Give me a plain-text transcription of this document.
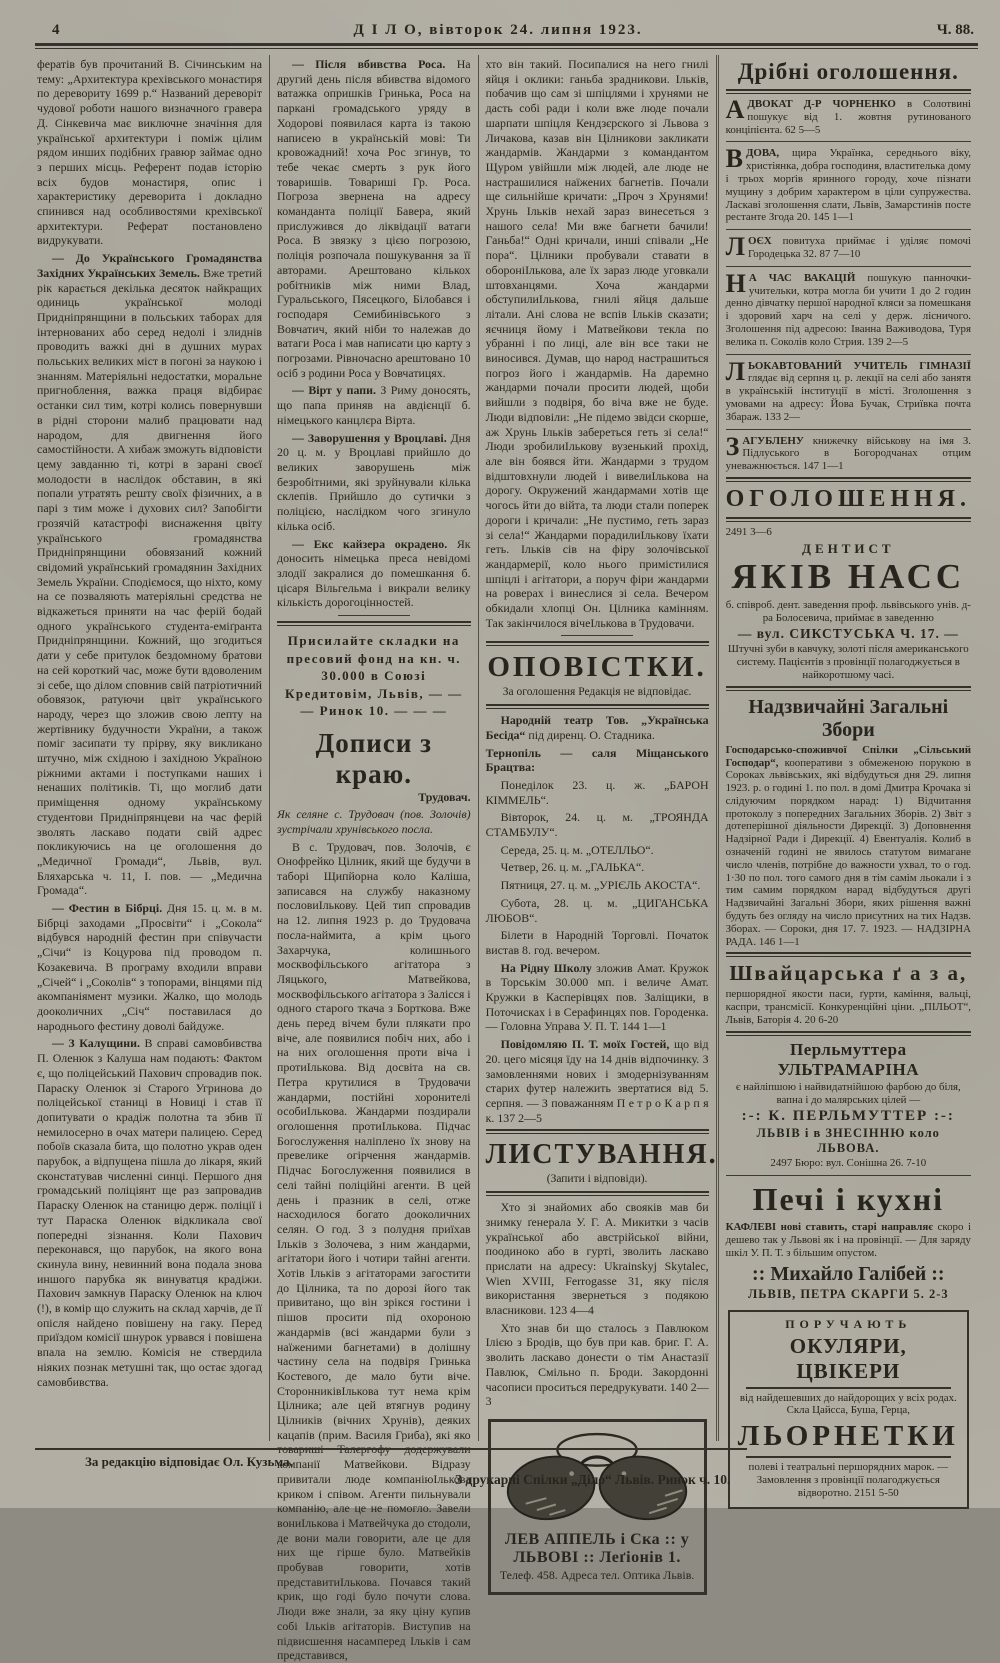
4	Д І Л О, вівторок 24. липня 1923.	Ч. 88.

фератів був прочитаний В. Січинським на тему: „Архитектура крехівського монастиря по дереворитy 1699 р.“ Названий дереворіт чудової роботи нашого визначного гравера Д. Сінкевича має виключне значіння для української архитектури і поміж цілим рядом инших подібних ґравюр займає одно з перших місць. Референт подав історію всіх будов монастиря, опис і характеристику дереворита і докладно спинився над особливостями крехівської архитектури. Реферат постановлено видрукувати.

— До Українського Громадянства Західних Українських Земель. Вже третий рік карається декілька десяток найкращих одиниць української молоді Придніпрянщини в польських таборах для інтернованих або серед недолі і злиднів проводить важкі дні в душних мурах польських великих міст в погоні за наукою і знанням. Матеріяльні недостатки, моральне пригноблення, важка праця відбирає останки сил тим, котрі колись повернувши в рідні сторони малиб працювати над народом, для двигнення його самостійности. А хибаж зможуть відповісти цему завданню ті, котрі в зарані своєї молодости в наслідок обставин, в які попали утратять решту своїх фізичних, а в парі з тим може і духових сил? Запобігти грозячій катастрофі виснаження цвіту українського громадянства Придніпрянщини обовязаний кожний свідомий український громадянин Західних Земель України. Сподіємося, що ніхто, кому на се позваляють матеріяльні средства не відкажеться приняти на час ферій бодай одного українського студента-еміґранта Придніпрянщини. Кожний, що згодиться дати у себе притулок бездомному братови на сей короткий час, може бути вдоволеним зі себе, що ділом сповнив свій патріотичний обовязок, ратуючи цвіт українського народу, через що зложив свою лепту на жертівнику будучности України, а також поміг засипати ту прірву, яку викликано штучно, між східною і західною Україною ріжними актами і поступками наших і ненаших політиків. Ті, що моглиб дати приміщення одному українському студентови Придніпрянцеви на час ферій зволять ласкаво подати свій адрес покликуючись на це оголошення до „Медичної Громади“, Львів, вул. Бляхарська ч. 11, І. пов. — „Медична Громада“.

— Фестин в Бібрці. Дня 15. ц. м. в м. Бібрці заходами „Просвіти“ і „Сокола“ відбувся народній фестин при співучасти „Січи“ із Коцурова під проводом п. Козакевича. В програму входили вправи „Січей“ і „Соколів“ з топорами, вінцями під акомпаніямент музики. Жалко, що молодь дооколичних „Січ“ поставилася до народнього фестину доволі байдуже.

— З Калущини. В справі самовбивства П. Оленюк з Калуша нам подають: Фактом є, що поліцейський Пахович спровадив пок. Параску Оленюк зі Старого Угринова до поліцейської станиці в Новиці і став її допитувати о крадіж полотна та збив її немилосерно в очах матери палицею. Серед побоїв сказала бита, що полотно украв оден парубок, а відпущена пішла до лікаря, який сконстатував численні синці. Першого дня громадський поліціянт ще раз запровадив Параску Оленюк на станицю держ. поліції і тут Параска Оленюк відкликала свої попередні зізнання. Коли Пахович переконався, що парубок, на якого вона скинула вину, невинний вона подала знова иншого парубка як винуватця крадіжи. Пахович замкнув Параску Оленюк на ключ (!), в комір що служить на склад харчів, де її опісля найдено повішену на гаку. Перед приїздом комісії шнурок урвався і повішена впала на землю. Комісія не ствердила ніяких познак метушні так, що остає здогад самовбивства.

— Після вбивства Роса. На другий день після вбивства відомого ватажка опришків Гринька, Роса на паркані громадського уряду в Ходорові появилася карта із такою написею в українській мові: Ти кровожадний! хоча Рос згинув, то тебе чекає смерть з рук його товаришів. Товариші Гр. Роса. Погроза звернена на адресу команданта поліції Бавера, який прислужився до ліквідації ватаги Роса. В звязку з цією погрозою, поліція розпочала пошукування за її авторами. Арештовано кількох робітників між ними Влад, Гуральського, Пясецкого, Білобався і господаря Семибинівського з Вовчатич, який ніби то належав до ватаги Роса і мав написати цю карту з погрозами. Рівночасно арештовано 10 осіб з родини Роса у Вовчатицях.

— Вірт у папи. З Риму доносять, що папа приняв на авдієнції б. німецького канцлєра Вірта.

— Заворушення у Вроцлаві. Дня 20 ц. м. у Вроцлаві прийшло до великих заворушень між безробітними, які зруйнували кілька склепів. Прийшло до сутички з поліцією, наслідком чого згинуло кілька осіб.

— Екс кайзера окрадено. Як доносить німецька преса невідомі злодії закралися до помешкання б. цісаря Вільгельма і викрали велику кількість дорогоцінностей.

Присилайте складки на пресовий фонд на кн. ч. 30.000 в Союзі Кредитовім, Львів, — — — Ринок 10. — — —

Дописи з краю.

Трудовач.

Як селяне с. Трудовач (пов. Золочів) зустрічали хрунівського посла.

В с. Трудовач, пов. Золочів, є Онофрейко Цілник, який ще будучи в таборі Щипйорна коло Каліша, записався на службу наказному пословиІлькову. Цей тип спровадив на 12. липня 1923 р. до Трудовача посла-наймита, а крім цього Захарчука, колишнього москвофільського агітатора з Ляцького, Матвейкова, москвофільського агітатора з Залісся і одного старого ткача з Борткова. Вже день перед вічем були плякати про віче, але появилися побіч них, або і на них оголошення проти віча і протиІлькова. Від досвіта на св. Петра крутилися в Трудовачи жандарми, постійні хоронителі особиІлькова. Жандарми поздирали оголошення протиІлькова. Підчас Богослуження наліплено їх знову на превелике огірчення жандармів. Підчас Богослуження появилися в селі тайні поліційні агенти. В цей день і празник в селі, отже насходилося богато дооколичних селян. О год. 3 з полудня приїхав Ільків з Золочева, з ним жандарми, агітатори його і чотири тайні агенти. Хотів Ільків з агітаторами загостити до Цілника, та по дорозі його так привитано, що він зрікся гостини і пішов просити під охороною жандармів (всі жандарми були з наїженими багнетами) в долішну частину села на подвіря Гринька Костевого, де мало бути віче. СторонниківІлькова тут нема крім Цілника; але цей втягнув родину Цілників (вічних Хрунів), деяких кацапів (прим. Василя Гриба), які яко товариші Талєргофу додержували компанії Матвейкови. Відразу привитали люде компаніюІлькова криком і співом. Агенти пильнували компанію, але це не помогло. Завели вониІлькова і Матвейчука до стодоли, де вони мали говорити, але це для них ще гірше було. Матвейків пробував говорити, хотів представитиІлькова. Почався такий крик, що годі було почути слова. Люди вже знали, за яку ціну купив собі Ільків агітаторів. Виступив на підвисшення насамперед Ільків і сам представився,

хто він такий. Посипалися на него гнилі яйця і оклики: ганьба зрадникови. Ільків, побачив що сам зі шпіцлями і хрунями не дасть собі ради і коли вже люде почали шарпати шпіцля Кендзєрского зі Львова з Личакова, казав він Цілникови закликати жандармів. Жандарми з командантом Щуром увійшли між людей, але люде не настрашилися наїжених багнетів. Почали ще сильнійше кричати: „Проч з Хрунями! Хрунь Ільків нехай зараз винесеться з нашого села! Ми вже багнети бачили! Ганьба!“ Одні кричали, инші співали „Не пора“. Цілники пробували ставати в обороніІлькова, але їх зараз люде уговкали штовханцями. Хоча жандарми обступилиІлькова, гнилі яйця дальше літали. Ані слова не вспів Ільків сказати; яєчниця йому і Матвейкови текла по убранні і по лиці, але він все таки не виносився. Думав, що народ настрашиться погроз його і жандармів. На даремно жандарми почали просити людей, щоби вийшли з подвіря, бо віча вже не буде. Люди відповіли: „Не підемо звідси скорше, аж Хрунь Ільків забереться геть зі села!“ Люди зробилиІлькову вузенький прохід, але він боявся йти. Жандарми з трудом відштовхнули людей і вивелиІлькова на дорогу. Окружений жандармами хотів ще чогось йти до війта, та люди стали поперек дороги і кричали: „Не пустимо, геть зараз зі села!“ Жандарми порадилиІлькову їхати геть. Ільків сів на фіру золочівської жандармерії, коло нього примістилися шпіцлі і агітатори, а поруч фіри жандарми на роверах і винеслися зі села. Вечером обкидали хлопці Он. Цілника камінням. Так закінчилося вічеІлькова в Трудовачи.

ОПОВІСТКИ.

За оголошення Редакція не відповідає.

Народній театр Тов. „Українська Бесіда“ під диренц. О. Стадника.

Тернопіль — саля Міщанського Брацтва:

Понеділок 23. ц. ж. „БАРОН КІММЕЛЬ“.

Вівторок, 24. ц. м. „ТРОЯНДА СТАМБУЛУ“.

Середа, 25. ц. м. „ОТЕЛЛЬО“.

Четвер, 26. ц. м. „ГАЛЬКА“.

Пятниця, 27. ц. м. „УРІЄЛЬ АКОСТА“.

Субота, 28. ц. м. „ЦИГАНСЬКА ЛЮБОВ“.

Білети в Народній Торговлі. Початок вистав 8. год. вечером.

На Рідну Школу зложив Амат. Кружок в Торськім 30.000 мп. і величе Амат. Кружки в Касперівцях пов. Заліщики, в Поточисках і в Серафинцях пов. Городенка. — Головна Управа У. П. Т. 144 1—1

Повідомляю П. Т. моїх Гостей, що від 20. цего місяця їду на 14 днів відпочинку. З замовленнями нових і змодернізуванням старих футер належить звертатися від 5. серпня. — З поважанням П е т р о К а р п я к. 137 2—5

ЛИСТУВАННЯ.

(Запити і відповіди).

Хто зі знайомих або свояків мав би знимку ґенерала У. Г. А. Микитки з часів української або австрійської війни, поодиноко або в гурті, зволить ласкаво прислати на адресу: Ukrainskyj Skytalec, Wien XVIII, Ferrogasse 31, яку після використання звернеться з подякою власникови. 123 4—4

Хто знав би що сталось з Павлюком Ілією з Бродів, що був при кав. бриг. Г. А. зволить ласкаво донести о тім Анастазії Павлюк, Смільно п. Броди. Закордонні часописи проситься передрукувати. 140 2—3

ЛЕВ АППЕЛЬ і Ска :: у ЛЬВОВІ :: Леґіонів 1.

Телеф. 458. Адреса тел. Оптика Львів.

Дрібні оголошення.

АДВОКАТ Д-Р ЧОРНЕНКО в Солотвині пошукує від 1. жовтня рутинованого конціпієнта. 62 5—5

ВДОВА, щира Українка, середнього віку, христіянка, добра господиня, властителька дому і трьох морґів яринного городу, хоче пізнати мущину з добрим характером в ціли супружества. Ласкаві зголошення слати, Львів, Замарстинів посте рестанте Згода 20. 145 1—1

ЛОЄХ повитуха приймає і уділяє помочі Городецька 32. 87 7—10

Н А ЧАС ВАКАЦІЙ пошукую панночки-учительки, котра могла би учити 1 до 2 годин денно дівчатку першої народної кляси за помешканя і здоровий харч на селі у держ. лісничого. Зголошення під адресою: Іванна Важиводова, Туря велика п. Соколів коло Стрия. 139 2—5

ЛЬОКАВТОВАНИЙ УЧИТЕЛЬ ГІМНАЗІЇ глядає від серпня ц. р. лекції на селі або занятя в українській інституції в місті. Зголошення з умовами на адресу: Йова Бучак, Стриївка почта Збараж. 133 2—

ЗАГУБЛЕНУ книжечку військову на імя З. Підлуського в Богородчанах отцим уневажнюється. 147 1—1

ОГОЛОШЕННЯ.

2491 3—6

ДЕНТИСТ
ЯКІВ НАСС

б. співроб. дент. заведення проф. львівського унів. д-ра Болосевича, приймає в заведенню

— вул. СИКСТУСЬКА Ч. 17. —

Штучні зуби в кавчуку, золоті після американського систему. Пацієнтів з провінції полагоджується в найкоротшому часі.

Надзвичайні Загальні Збори

Господарсько-споживчої Спілки „Сільський Господар“, кооперативи з обмеженою порукою в Сороках львівських, які відбудуться дня 29. липня 1923. р. о годині 1. по пол. в домі Дмитра Крочака зі слідуючим порядком нарад: 1) Відчитання протоколу з попередних Загальних Зборів. 2) Звіт з дотеперішної діяльности Дирекції. 3) Доповнення Надзірної Ради і Дирекції. 4) Евентуалія. Колиб в означеній годині не явилось статутом вимагане число членів, потрібне до важности ухвал, то о год. 1·30 по пол. того самого дня в тім самім льокали і з тим самим порядком нарад відбудуться другі Надзвичайні Загальні Збори, яких рішення важні будуть без огляду на число присутних на тих Надзв. Зборах. — Сороки, дня 17. 7. 1923. — НАДЗІРНА РАДА. 146 1—1

Швайцарська ґ а з а,

першорядної якости паси, ґурти, каміння, вальці, каспри, трансмісії. Конкуренційні ціни. „ПІЛЬОТ“, Львів, Баторія 4. 20 6-20

Перльмуттера УЛЬТРАМАРІНА

є найліпшою і найвидатнійшою фарбою до біля, вапна і до малярських цілей —

:-: К. ПЕРЛЬМУТТЕР :-:
ЛЬВІВ і в ЗНЕСІННЮ коло ЛЬВОВА.

2497 Бюро: вул. Сонішна 26. 7-10

Печі і кухні

КАФЛЕВІ нові ставить, старі направляє скоро і дешево так у Львові як і на провінції. — Для заряду шкіл У. П. Т. з більшим опустом.

:: Михайло Галібей ::
ЛЬВІВ, ПЕТРА СКАРГИ 5. 2-3
ПОРУЧАЮТЬ
ОКУЛЯРИ, ЦВІКЕРИ

від найдешевших до найдорощих у всіх родах. Скла Цайсса, Буша, Герца,

ЛЬОРНЕТКИ

полеві і театральні першорядних марок. — Замовлення з провінції полагоджується відворотно. 2151 5-50

За редакцію відповідає Ол. Кузьма.
З друкарні Спілки „Діло“ Львів. Ринок ч. 10.
